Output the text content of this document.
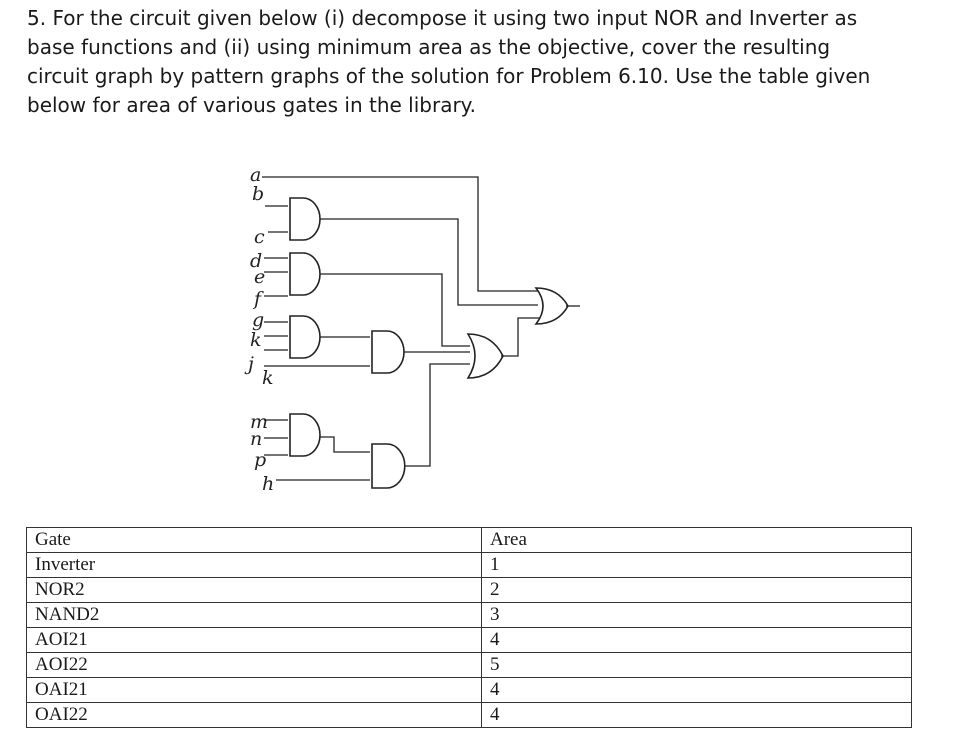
5. For the circuit given below (i) decompose it using two input NOR and Inverter as
base functions and (ii) using minimum area as the objective, cover the resulting
circuit graph by pattern graphs of the solution for Problem 6.10. Use the table given
below for area of various gates in the library.

a
b
c
d
e
f
g
k
j
k
m
n
p
h
Gate	Area
Inverter	1
NOR2	2
NAND2	3
AOI21	4
AOI22	5
OAI21	4
OAI22	4
